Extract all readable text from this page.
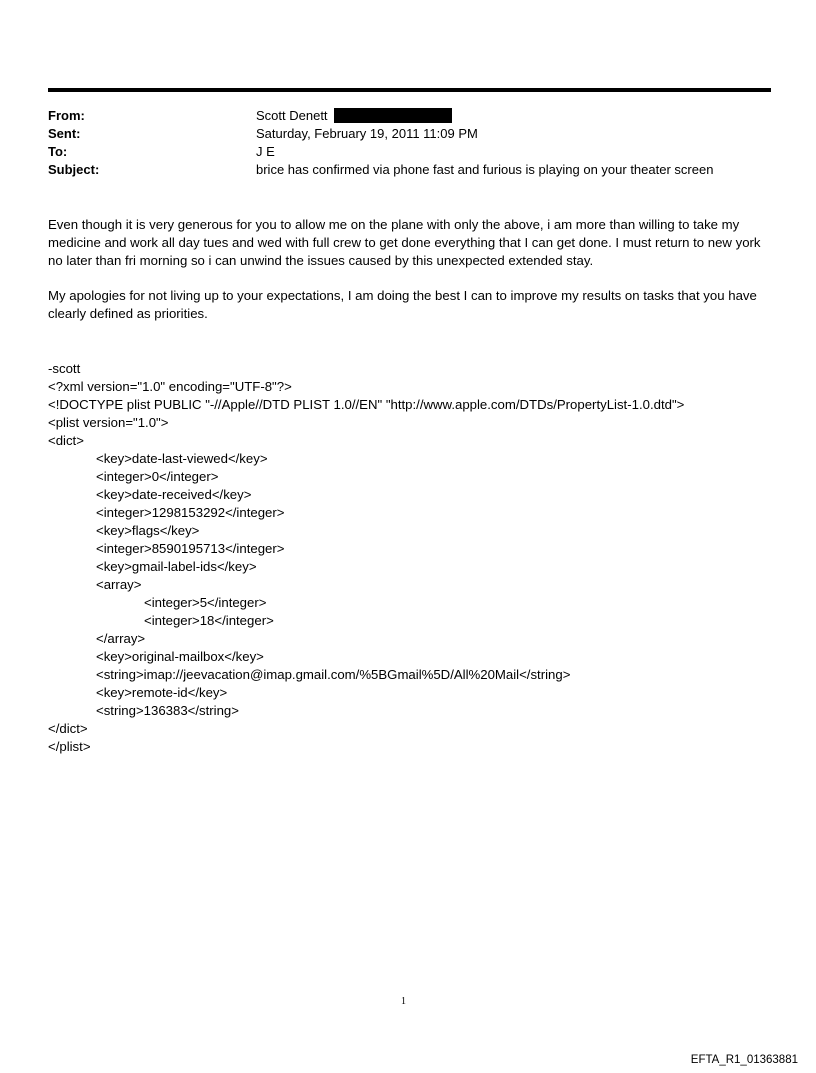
From:	Scott Denett
Sent:	Saturday, February 19, 2011 11:09 PM
To:	J E
Subject:	brice has confirmed via phone fast and furious is playing on your theater screen
Even though it is very generous for you to allow me on the plane with only the above, i am more than willing to take my medicine and work all day tues and wed with full crew to get done everything that I can get done. I must return to new york no later than fri morning so i can unwind the issues caused by this unexpected extended stay.
My apologies for not living up to your expectations, I am doing the best I can to improve my results on tasks that you have clearly defined as priorities.
-scott
<?xml version="1.0" encoding="UTF-8"?>
<!DOCTYPE plist PUBLIC "-//Apple//DTD PLIST 1.0//EN" "http://www.apple.com/DTDs/PropertyList-1.0.dtd">
<plist version="1.0">
<dict>
<key>date-last-viewed</key>
<integer>0</integer>
<key>date-received</key>
<integer>1298153292</integer>
<key>flags</key>
<integer>8590195713</integer>
<key>gmail-label-ids</key>
<array>
<integer>5</integer>
<integer>18</integer>
</array>
<key>original-mailbox</key>
<string>imap://jeevacation@imap.gmail.com/%5BGmail%5D/All%20Mail</string>
<key>remote-id</key>
<string>136383</string>
</dict>
</plist>
1
EFTA_R1_01363881
